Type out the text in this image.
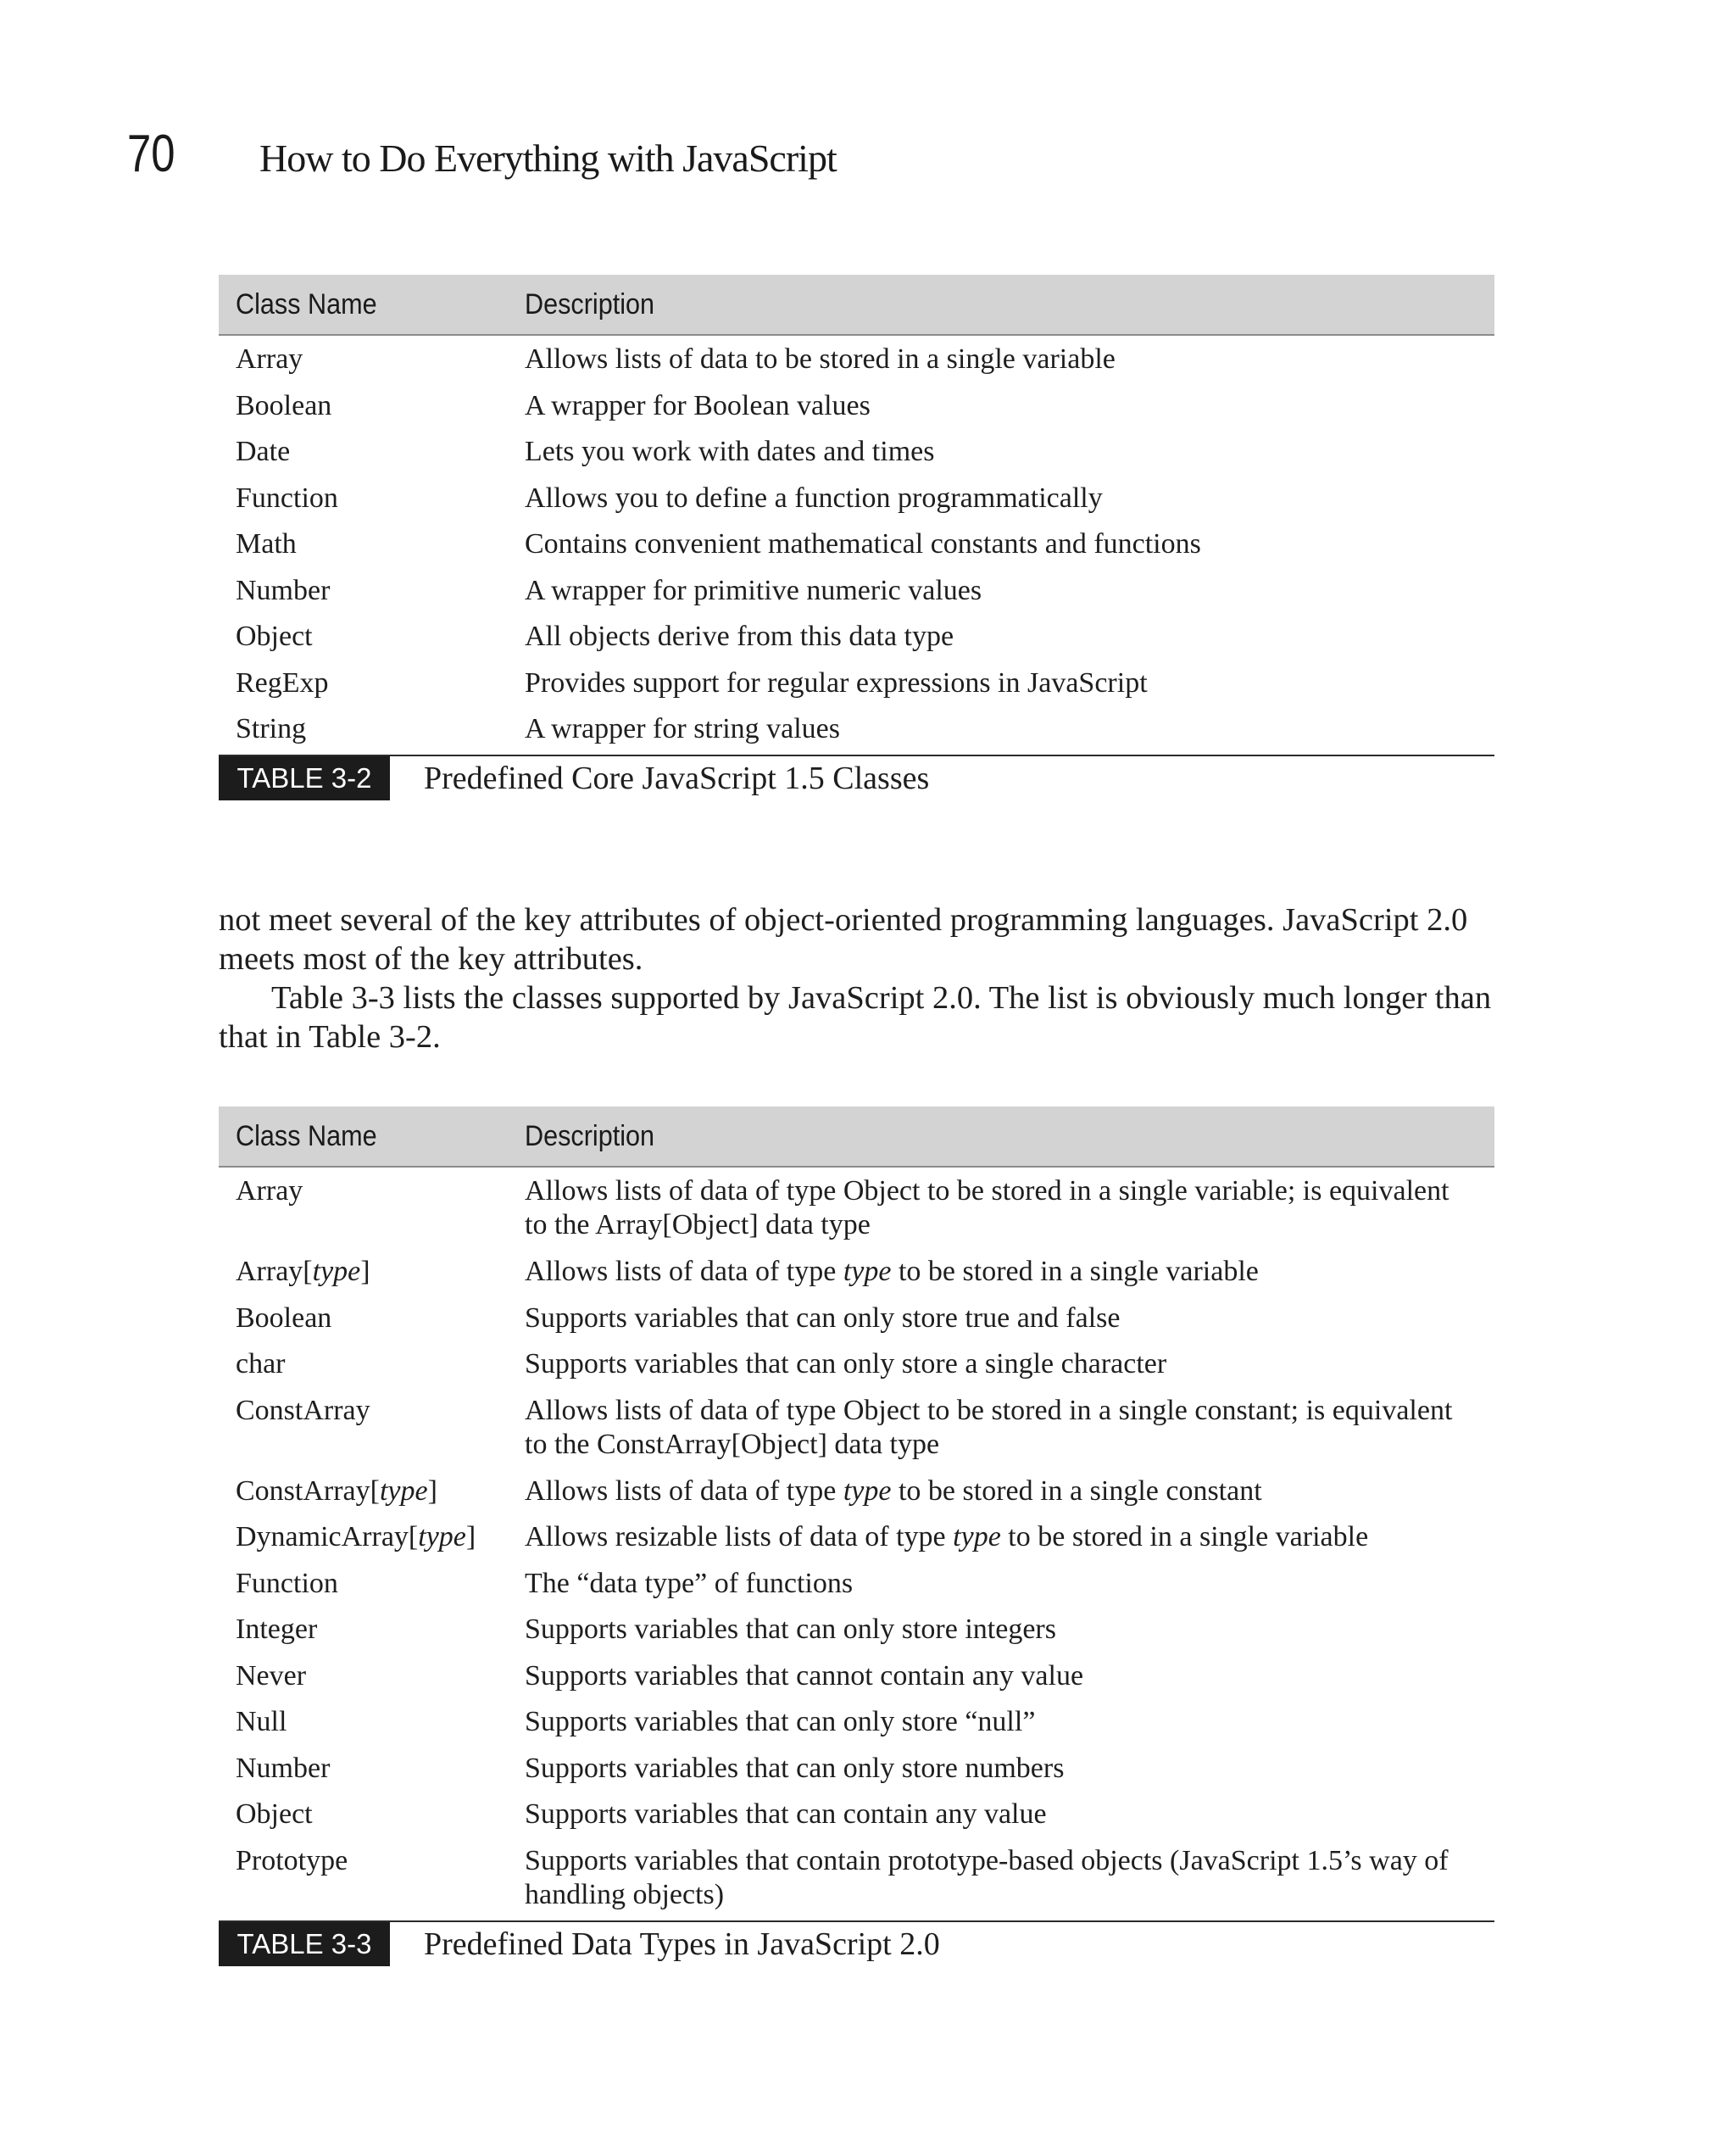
70	How to Do Everything with JavaScript
Class Name	Description
Array	Allows lists of data to be stored in a single variable
Boolean	A wrapper for Boolean values
Date	Lets you work with dates and times
Function	Allows you to define a function programmatically
Math	Contains convenient mathematical constants and functions
Number	A wrapper for primitive numeric values
Object	All objects derive from this data type
RegExp	Provides support for regular expressions in JavaScript
String	A wrapper for string values
TABLE 3-2	Predefined Core JavaScript 1.5 Classes

not meet several of the key attributes of object-oriented programming languages. JavaScript 2.0 meets most of the key attributes.

Table 3-3 lists the classes supported by JavaScript 2.0. The list is obviously much longer than that in Table 3-2.

Class Name	Description
Array	Allows lists of data of type Object to be stored in a single variable; is equivalent to the Array[Object] data type
Array[type]	Allows lists of data of type type to be stored in a single variable
Boolean	Supports variables that can only store true and false
char	Supports variables that can only store a single character
ConstArray	Allows lists of data of type Object to be stored in a single constant; is equivalent to the ConstArray[Object] data type
ConstArray[type]	Allows lists of data of type type to be stored in a single constant
DynamicArray[type]	Allows resizable lists of data of type type to be stored in a single variable
Function	The “data type” of functions
Integer	Supports variables that can only store integers
Never	Supports variables that cannot contain any value
Null	Supports variables that can only store “null”
Number	Supports variables that can only store numbers
Object	Supports variables that can contain any value
Prototype	Supports variables that contain prototype-based objects (JavaScript 1.5’s way of handling objects)
TABLE 3-3	Predefined Data Types in JavaScript 2.0
